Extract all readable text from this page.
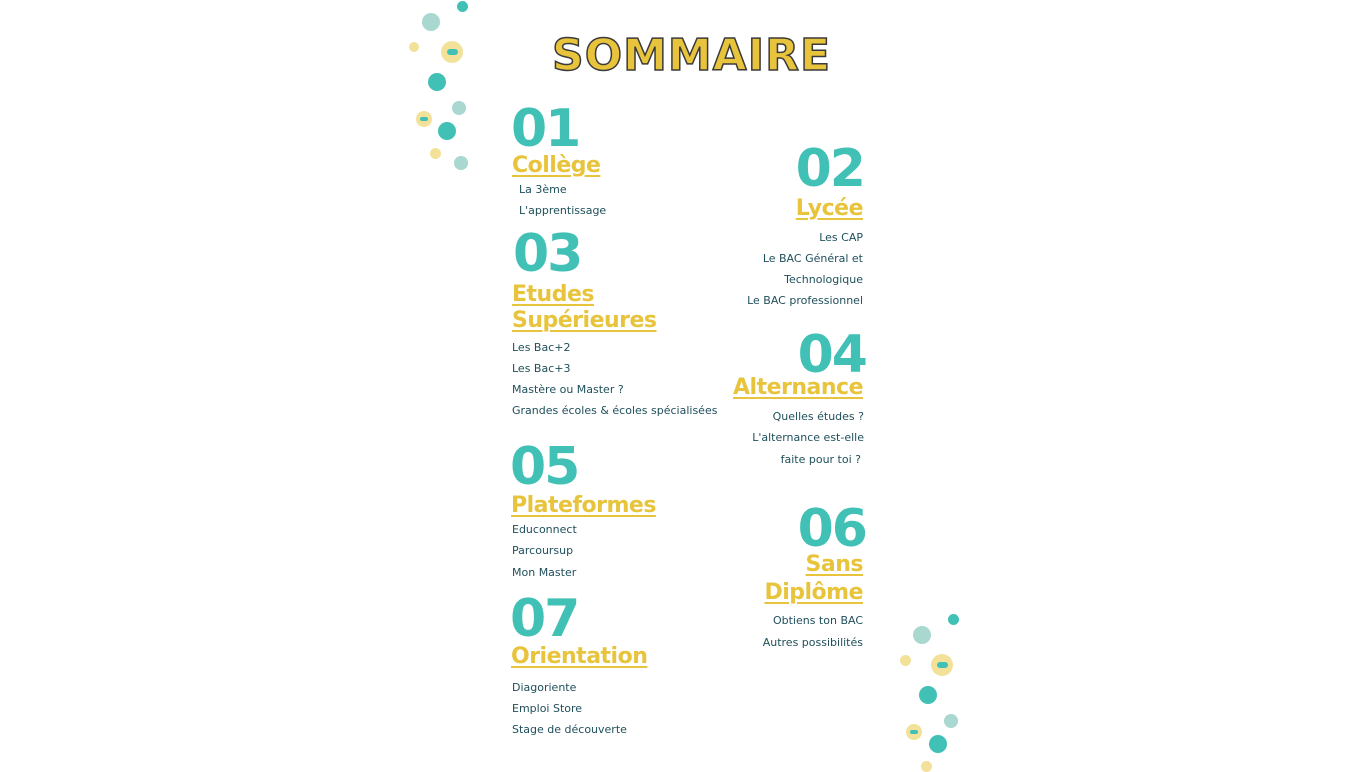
SOMMAIRE
01
Collège
La 3ème
L'apprentissage
02
Lycée
Les CAP
Le BAC Général et
Technologique
Le BAC professionnel
03
Etudes
Supérieures
Les Bac+2
Les Bac+3
Mastère ou Master ?
Grandes écoles & écoles spécialisées
04
Alternance
Quelles études ?
L'alternance est-elle
faite pour toi ?
05
Plateformes
Educonnect
Parcoursup
Mon Master
06
Sans
Diplôme
Obtiens ton BAC
Autres possibilités
07
Orientation
Diagoriente
Emploi Store
Stage de découverte
